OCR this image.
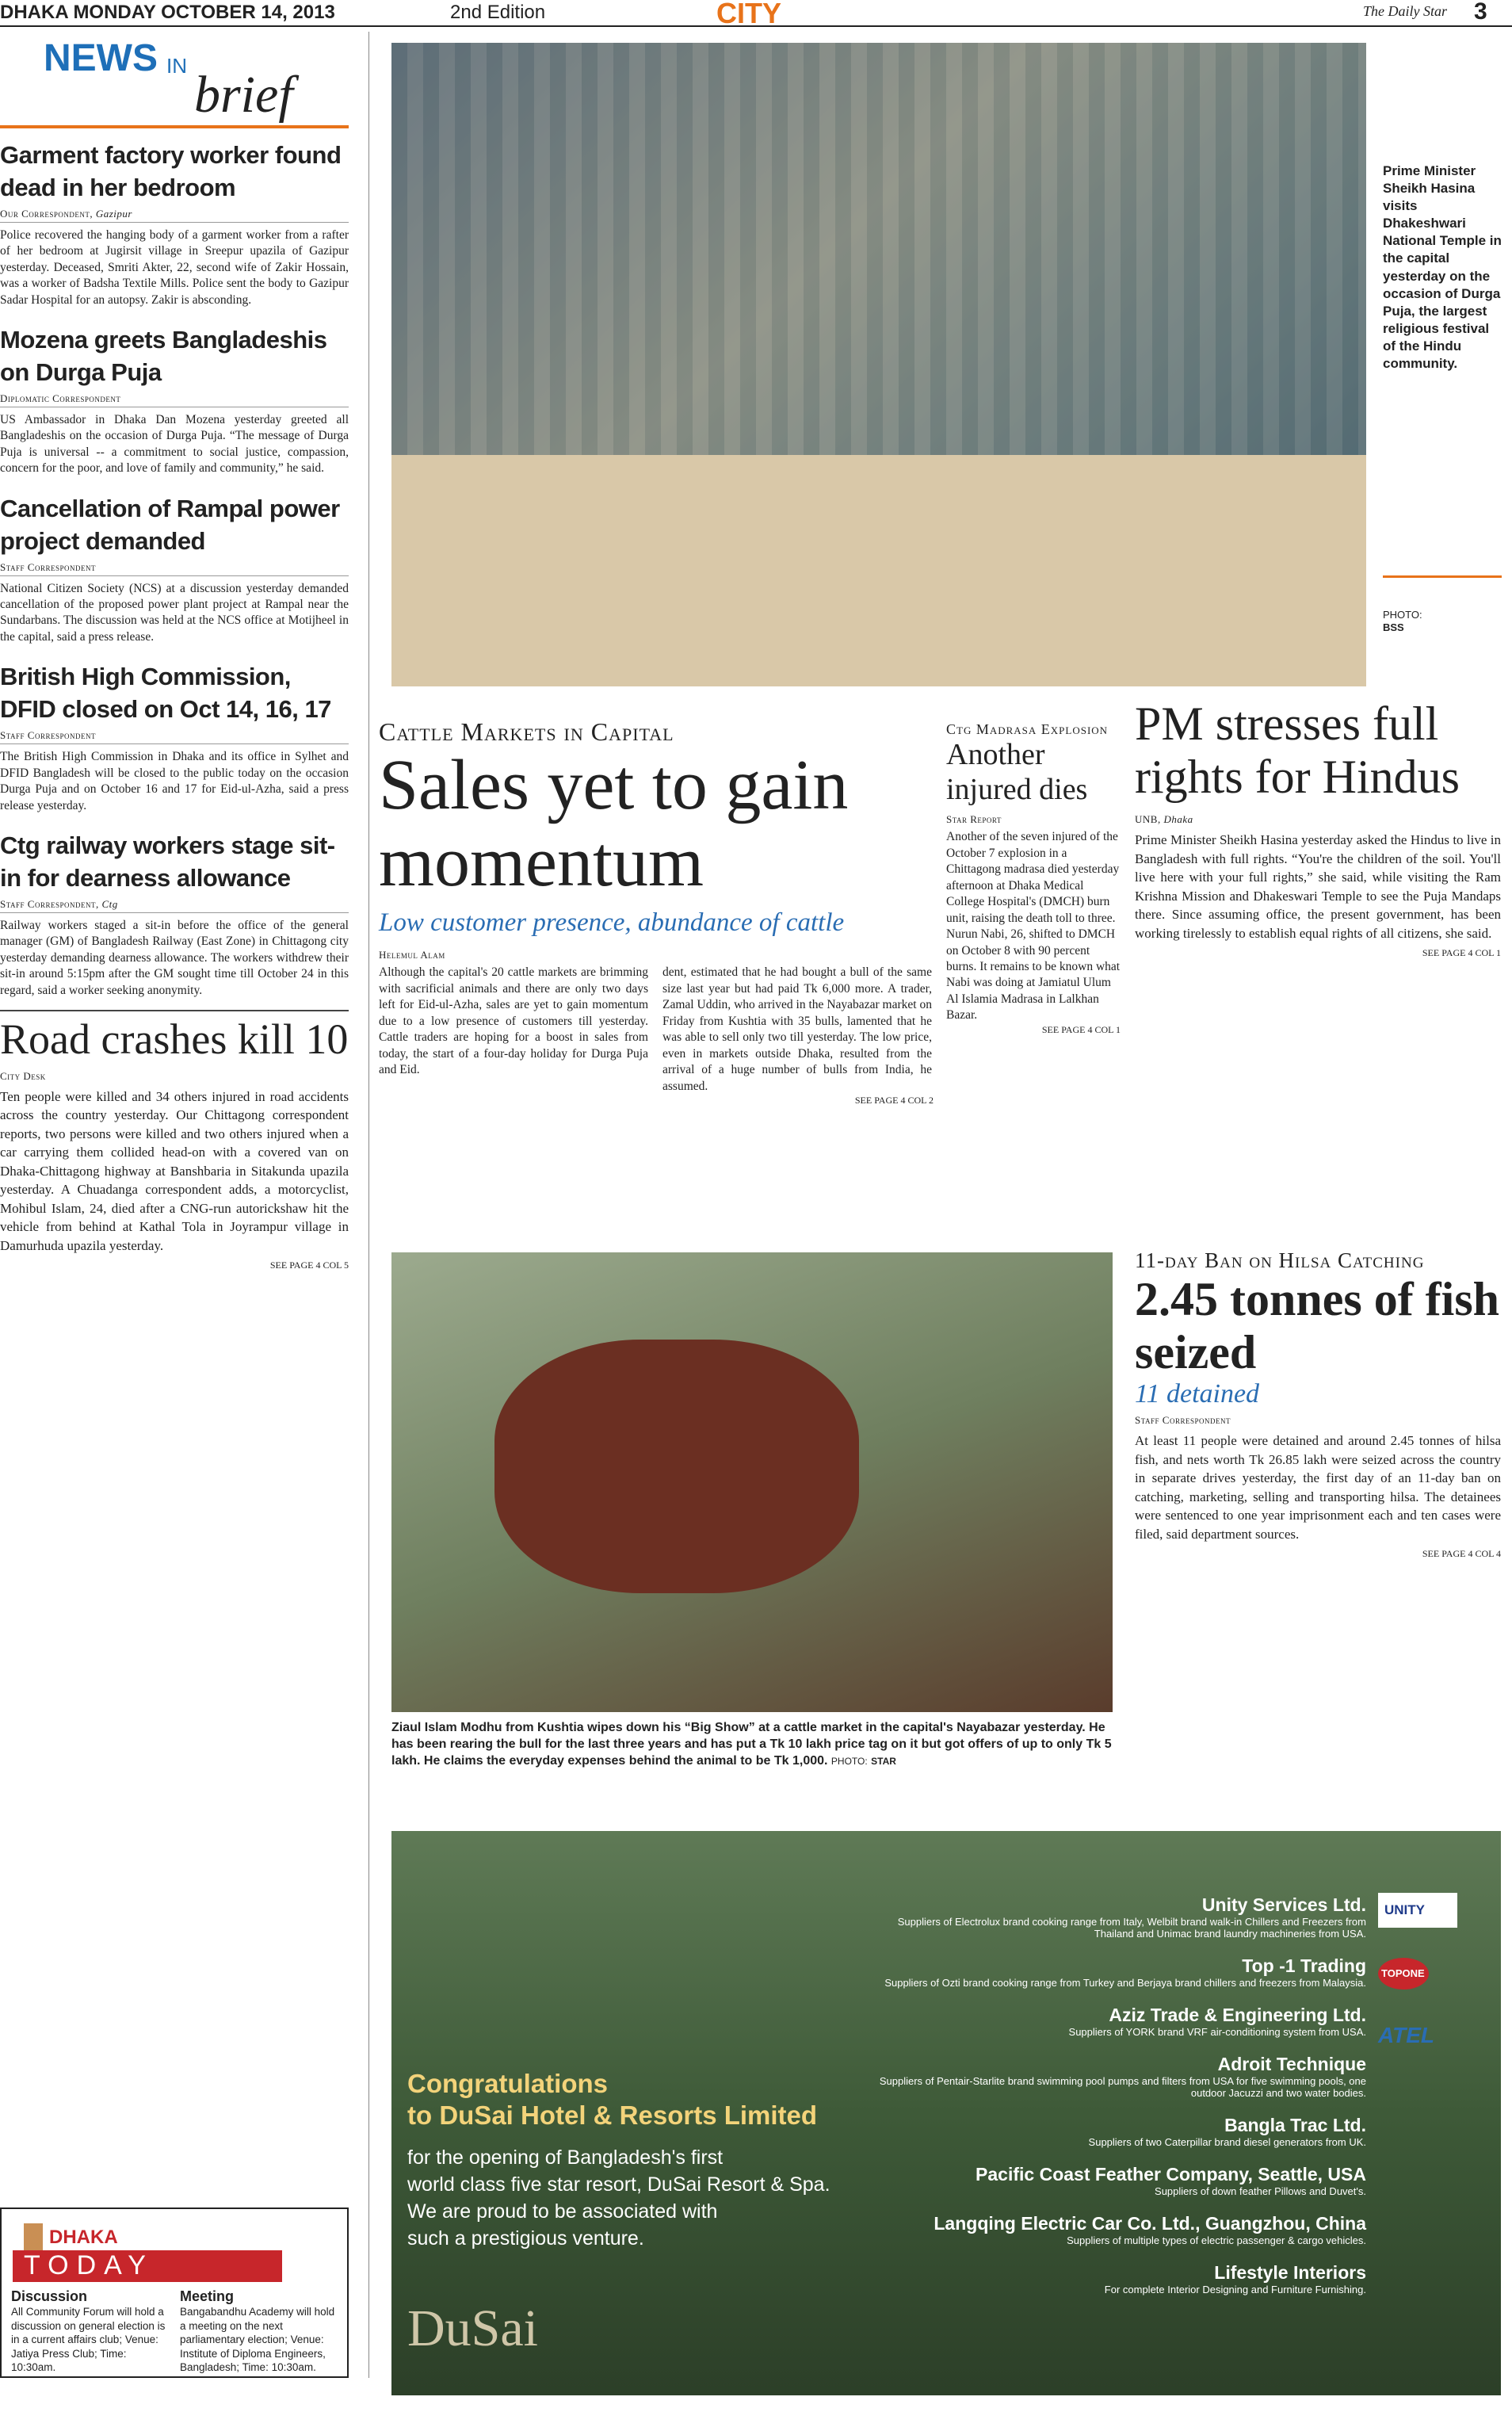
DHAKA MONDAY OCTOBER 14, 2013	2nd Edition	CITY	The Daily Star 3
NEWS IN brief
Garment factory worker found dead in her bedroom
Our Correspondent, Gazipur
Police recovered the hanging body of a garment worker from a rafter of her bedroom at Jugirsit village in Sreepur upazila of Gazipur yesterday. Deceased, Smriti Akter, 22, second wife of Zakir Hossain, was a worker of Badsha Textile Mills. Police sent the body to Gazipur Sadar Hospital for an autopsy. Zakir is absconding.
Mozena greets Bangladeshis on Durga Puja
Diplomatic Correspondent
US Ambassador in Dhaka Dan Mozena yesterday greeted all Bangladeshis on the occasion of Durga Puja. “The message of Durga Puja is universal -- a commitment to social justice, compassion, concern for the poor, and love of family and community,” he said.
Cancellation of Rampal power project demanded
Staff Correspondent
National Citizen Society (NCS) at a discussion yesterday demanded cancellation of the proposed power plant project at Rampal near the Sundarbans. The discussion was held at the NCS office at Motijheel in the capital, said a press release.
British High Commission, DFID closed on Oct 14, 16, 17
Staff Correspondent
The British High Commission in Dhaka and its office in Sylhet and DFID Bangladesh will be closed to the public today on the occasion Durga Puja and on October 16 and 17 for Eid-ul-Azha, said a press release yesterday.
Ctg railway workers stage sit-in for dearness allowance
Staff Correspondent, Ctg
Railway workers staged a sit-in before the office of the general manager (GM) of Bangladesh Railway (East Zone) in Chittagong city yesterday demanding dearness allowance. The workers withdrew their sit-in around 5:15pm after the GM sought time till October 24 in this regard, said a worker seeking anonymity.
Road crashes kill 10
City Desk
Ten people were killed and 34 others injured in road accidents across the country yesterday. Our Chittagong correspondent reports, two persons were killed and two others injured when a car carrying them collided head-on with a covered van on Dhaka-Chittagong highway at Banshbaria in Sitakunda upazila yesterday. A Chuadanga correspondent adds, a motorcyclist, Mohibul Islam, 24, died after a CNG-run autorickshaw hit the vehicle from behind at Kathal Tola in Joyrampur village in Damurhuda upazila yesterday.
SEE PAGE 4 COL 5
DHAKA
TODAY
Discussion
All Community Forum will hold a discussion on general election is in a current affairs club; Venue: Jatiya Press Club; Time: 10:30am.
Meeting
Bangabandhu Academy will hold a meeting on the next parliamentary election; Venue: Institute of Diploma Engineers, Bangladesh; Time: 10:30am.
Prime Minister Sheikh Hasina visits Dhakeshwari National Temple in the capital yesterday on the occasion of Durga Puja, the largest religious festival of the Hindu community.
PHOTO:
BSS
Cattle Markets in Capital
Sales yet to gain momentum
Low customer presence, abundance of cattle
Helemul Alam
Although the capital's 20 cattle markets are brimming with sacrificial animals and there are only two days left for Eid-ul-Azha, sales are yet to gain momentum due to a low presence of customers till yesterday. Cattle traders are hoping for a boost in sales from today, the start of a four-day holiday for Durga Puja and Eid.
dent, estimated that he had bought a bull of the same size last year but had paid Tk 6,000 more. A trader, Zamal Uddin, who arrived in the Nayabazar market on Friday from Kushtia with 35 bulls, lamented that he was able to sell only two till yesterday. The low price, even in markets outside Dhaka, resulted from the arrival of a huge number of bulls from India, he assumed.
SEE PAGE 4 COL 2
Ctg Madrasa Explosion
Another injured dies
Star Report
Another of the seven injured of the October 7 explosion in a Chittagong madrasa died yesterday afternoon at Dhaka Medical College Hospital's (DMCH) burn unit, raising the death toll to three. Nurun Nabi, 26, shifted to DMCH on October 8 with 90 percent burns. It remains to be known what Nabi was doing at Jamiatul Ulum Al Islamia Madrasa in Lalkhan Bazar.
SEE PAGE 4 COL 1
PM stresses full rights for Hindus
UNB, Dhaka
Prime Minister Sheikh Hasina yesterday asked the Hindus to live in Bangladesh with full rights. “You're the children of the soil. You'll live here with your full rights,” she said, while visiting the Ram Krishna Mission and Dhakeswari Temple to see the Puja Mandaps there. Since assuming office, the present government, has been working tirelessly to establish equal rights of all citizens, she said.
SEE PAGE 4 COL 1
Ziaul Islam Modhu from Kushtia wipes down his “Big Show” at a cattle market in the capital's Nayabazar yesterday. He has been rearing the bull for the last three years and has put a Tk 10 lakh price tag on it but got offers of up to only Tk 5 lakh. He claims the everyday expenses behind the animal to be Tk 1,000. PHOTO: STAR
11-day Ban on Hilsa Catching
2.45 tonnes of fish seized
11 detained
Staff Correspondent
At least 11 people were detained and around 2.45 tonnes of hilsa fish, and nets worth Tk 26.85 lakh were seized across the country in separate drives yesterday, the first day of an 11-day ban on catching, marketing, selling and transporting hilsa. The detainees were sentenced to one year imprisonment each and ten cases were filed, said department sources.
SEE PAGE 4 COL 4
Congratulations
to DuSai Hotel & Resorts Limited
for the opening of Bangladesh's first
world class five star resort, DuSai Resort & Spa.
We are proud to be associated with
such a prestigious venture.
DuSai
Unity Services Ltd.
Suppliers of Electrolux brand cooking range from Italy, Welbilt brand walk-in Chillers and Freezers from Thailand and Unimac brand laundry machineries from USA.
Top -1 Trading
Suppliers of Ozti brand cooking range from Turkey and Berjaya brand chillers and freezers from Malaysia.
Aziz Trade & Engineering Ltd.
Suppliers of YORK brand VRF air-conditioning system from USA.
Adroit Technique
Suppliers of Pentair-Starlite brand swimming pool pumps and filters from USA for five swimming pools, one outdoor Jacuzzi and two water bodies.
Bangla Trac Ltd.
Suppliers of two Caterpillar brand diesel generators from UK.
Pacific Coast Feather Company, Seattle, USA
Suppliers of down feather Pillows and Duvet's.
Langqing Electric Car Co. Ltd., Guangzhou, China
Suppliers of multiple types of electric passenger & cargo vehicles.
Lifestyle Interiors
For complete Interior Designing and Furniture Furnishing.
UNITY
TOPONE
ATEL
